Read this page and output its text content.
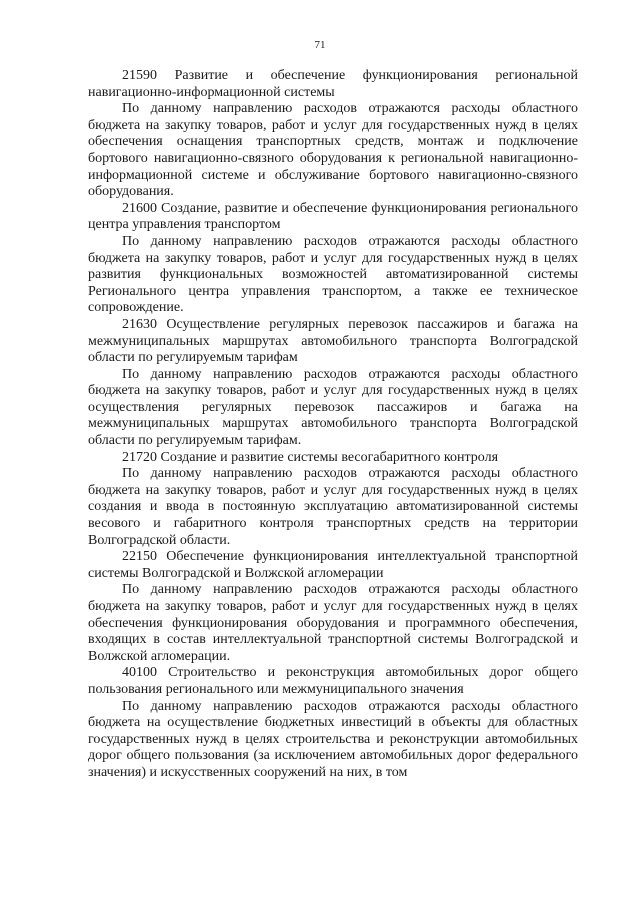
71

21590 Развитие и обеспечение функционирования региональной навигационно-информационной системы

По данному направлению расходов отражаются расходы областного бюджета на закупку товаров, работ и услуг для государственных нужд в целях обеспечения оснащения транспортных средств, монтаж и подключение бортового навигационно-связного оборудования к региональной навигационно-информационной системе и обслуживание бортового навигационно-связного оборудования.

21600 Создание, развитие и обеспечение функционирования регионального центра управления транспортом

По данному направлению расходов отражаются расходы областного бюджета на закупку товаров, работ и услуг для государственных нужд в целях развития функциональных возможностей автоматизированной системы Регионального центра управления транспортом, а также ее техническое сопровождение.

21630 Осуществление регулярных перевозок пассажиров и багажа на межмуниципальных маршрутах автомобильного транспорта Волгоградской области по регулируемым тарифам

По данному направлению расходов отражаются расходы областного бюджета на закупку товаров, работ и услуг для государственных нужд в целях осуществления регулярных перевозок пассажиров и багажа на межмуниципальных маршрутах автомобильного транспорта Волгоградской области по регулируемым тарифам.

21720 Создание и развитие системы весогабаритного контроля

По данному направлению расходов отражаются расходы областного бюджета на закупку товаров, работ и услуг для государственных нужд в целях создания и ввода в постоянную эксплуатацию автоматизированной системы весового и габаритного контроля транспортных средств на территории Волгоградской области.

22150 Обеспечение функционирования интеллектуальной транспортной системы Волгоградской и Волжской агломерации

По данному направлению расходов отражаются расходы областного бюджета на закупку товаров, работ и услуг для государственных нужд в целях обеспечения функционирования оборудования и программного обеспечения, входящих в состав интеллектуальной транспортной системы Волгоградской и Волжской агломерации.

40100 Строительство и реконструкция автомобильных дорог общего пользования регионального или межмуниципального значения

По данному направлению расходов отражаются расходы областного бюджета на осуществление бюджетных инвестиций в объекты для областных государственных нужд в целях строительства и реконструкции автомобильных дорог общего пользования (за исключением автомобильных дорог федерального значения) и искусственных сооружений на них, в том
